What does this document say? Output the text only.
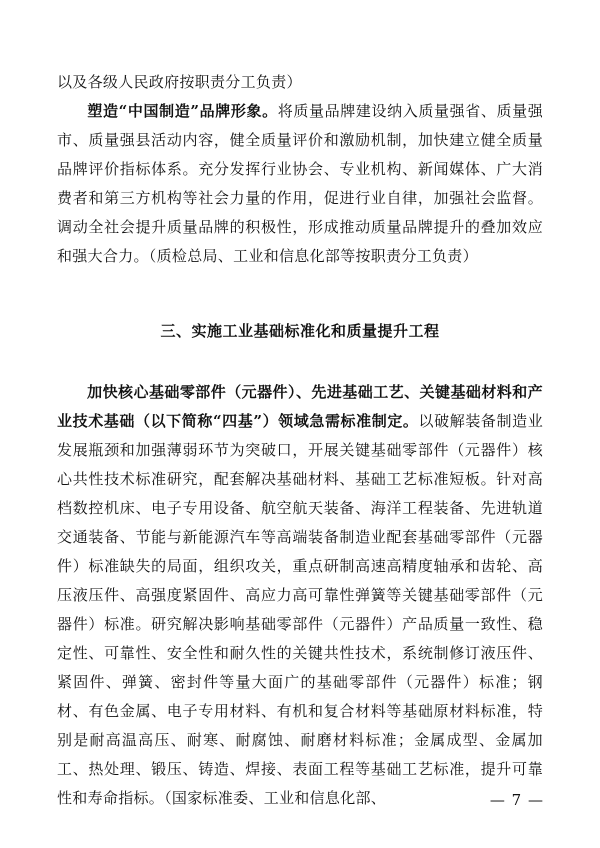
以及各级人民政府按职责分工负责）

塑造“中国制造”品牌形象。将质量品牌建设纳入质量强省、质量强市、质量强县活动内容，健全质量评价和激励机制，加快建立健全质量品牌评价指标体系。充分发挥行业协会、专业机构、新闻媒体、广大消费者和第三方机构等社会力量的作用，促进行业自律，加强社会监督。调动全社会提升质量品牌的积极性，形成推动质量品牌提升的叠加效应和强大合力。（质检总局、工业和信息化部等按职责分工负责）

三、实施工业基础标准化和质量提升工程

加快核心基础零部件（元器件）、先进基础工艺、关键基础材料和产业技术基础（以下简称“四基”）领域急需标准制定。以破解装备制造业发展瓶颈和加强薄弱环节为突破口，开展关键基础零部件（元器件）核心共性技术标准研究，配套解决基础材料、基础工艺标准短板。针对高档数控机床、电子专用设备、航空航天装备、海洋工程装备、先进轨道交通装备、节能与新能源汽车等高端装备制造业配套基础零部件（元器件）标准缺失的局面，组织攻关，重点研制高速高精度轴承和齿轮、高压液压件、高强度紧固件、高应力高可靠性弹簧等关键基础零部件（元器件）标准。研究解决影响基础零部件（元器件）产品质量一致性、稳定性、可靠性、安全性和耐久性的关键共性技术，系统制修订液压件、紧固件、弹簧、密封件等量大面广的基础零部件（元器件）标准；钢材、有色金属、电子专用材料、有机和复合材料等基础原材料标准，特别是耐高温高压、耐寒、耐腐蚀、耐磨材料标准；金属成型、金属加工、热处理、锻压、铸造、焊接、表面工程等基础工艺标准，提升可靠性和寿命指标。（国家标准委、工业和信息化部、	— 7 —
